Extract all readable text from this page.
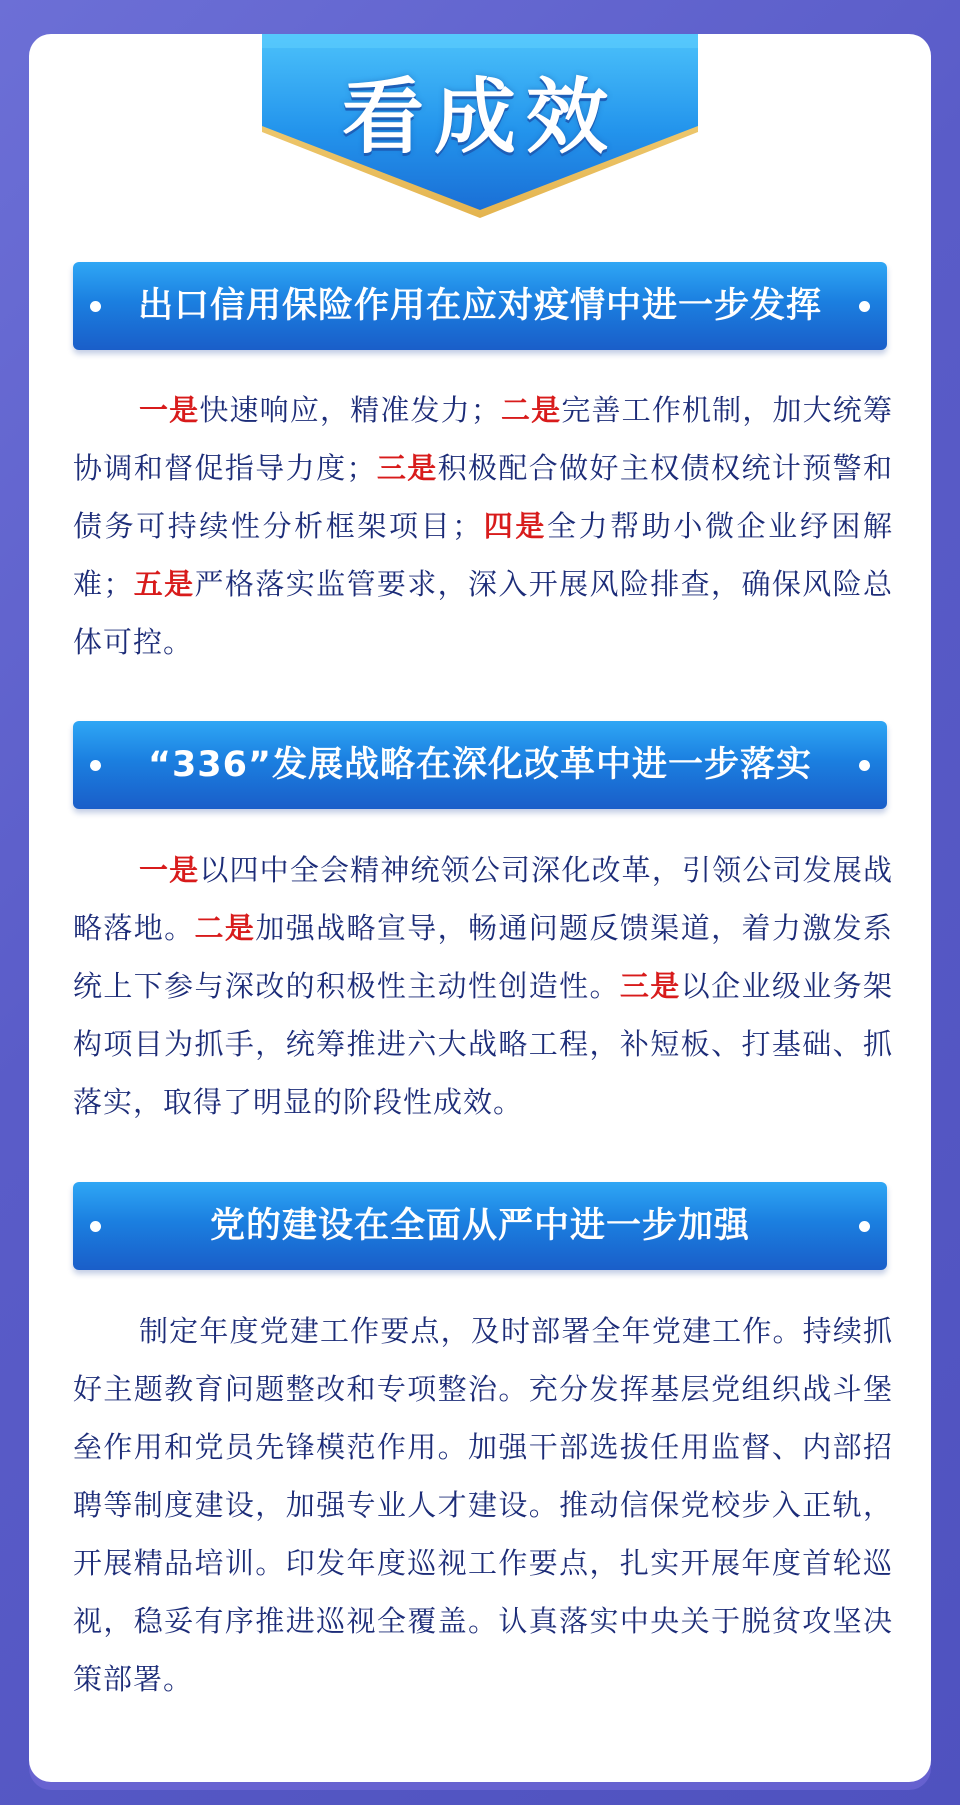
看成效
出口信用保险作用在应对疫情中进一步发挥
一是快速响应，精准发力；二是完善工作机制，加大统筹协调和督促指导力度；三是积极配合做好主权债权统计预警和债务可持续性分析框架项目；四是全力帮助小微企业纾困解难；五是严格落实监管要求，深入开展风险排查，确保风险总体可控。
“336”发展战略在深化改革中进一步落实
一是以四中全会精神统领公司深化改革，引领公司发展战略落地。二是加强战略宣导，畅通问题反馈渠道，着力激发系统上下参与深改的积极性主动性创造性。三是以企业级业务架构项目为抓手，统筹推进六大战略工程，补短板、打基础、抓落实，取得了明显的阶段性成效。
党的建设在全面从严中进一步加强
制定年度党建工作要点，及时部署全年党建工作。持续抓好主题教育问题整改和专项整治。充分发挥基层党组织战斗堡垒作用和党员先锋模范作用。加强干部选拔任用监督、内部招聘等制度建设，加强专业人才建设。推动信保党校步入正轨，开展精品培训。印发年度巡视工作要点，扎实开展年度首轮巡视，稳妥有序推进巡视全覆盖。认真落实中央关于脱贫攻坚决策部署。
